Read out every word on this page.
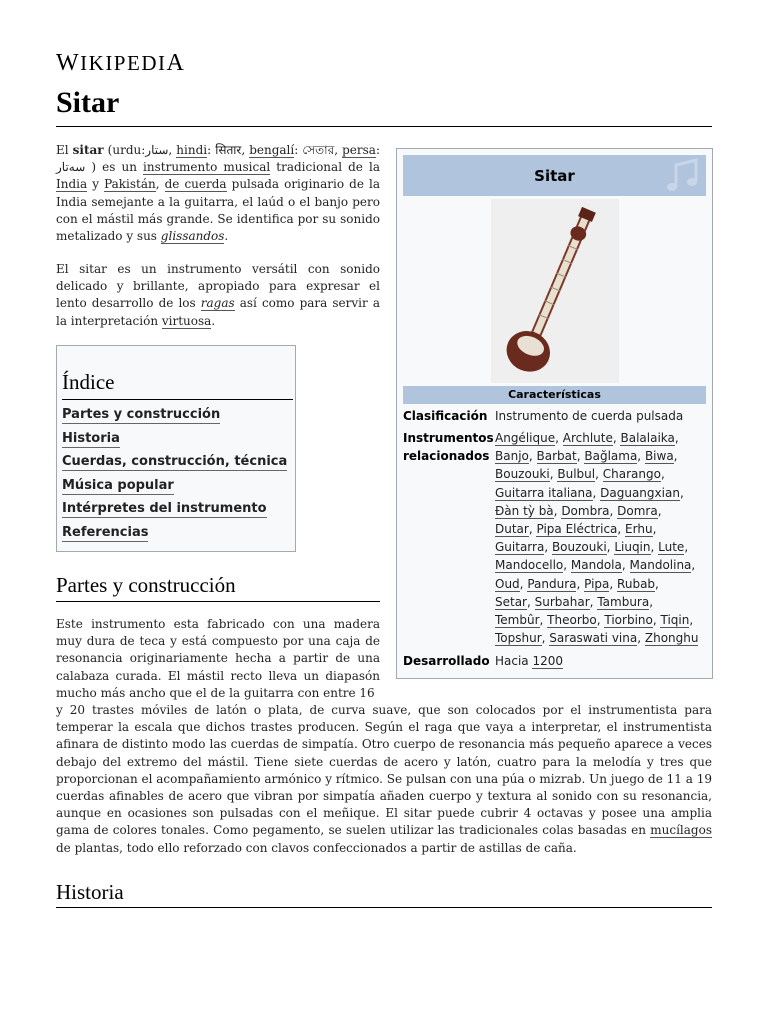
WIKIPEDIA
Sitar
El sitar (urdu:ستار, hindi: सितार, bengalí: সেতার, persa: سه‌تار ) es un instrumento musical tradicional de la India y Pakistán, de cuerda pulsada originario de la India semejante a la guitarra, el laúd o el banjo pero con el mástil más grande. Se identifica por su sonido metalizado y sus glissandos.
El sitar es un instrumento versátil con sonido delicado y brillante, apropiado para expresar el lento desarrollo de los ragas así como para servir a la interpretación virtuosa.
Índice
Partes y construcción
Historia
Cuerdas, construcción, técnica
Música popular
Intérpretes del instrumento
Referencias
Sitar
Características
Clasificación Instrumento de cuerda pulsada
Instrumentos
relacionados
Angélique, Archlute, Balalaika,
Banjo, Barbat, Bağlama, Biwa,
Bouzouki, Bulbul, Charango,
Guitarra italiana, Daguangxian,
Đàn tỳ bà, Dombra, Domra,
Dutar, Pipa Eléctrica, Erhu,
Guitarra, Bouzouki, Liuqin, Lute,
Mandocello, Mandola, Mandolina,
Oud, Pandura, Pipa, Rubab,
Setar, Surbahar, Tambura,
Tembûr, Theorbo, Tiorbino, Tiqin,
Topshur, Saraswati vina, Zhonghu
Desarrollado Hacia 1200
Partes y construcción
Este instrumento esta fabricado con una madera muy dura de teca y está compuesto por una caja de resonancia originariamente hecha a partir de una calabaza curada. El mástil recto lleva un diapasón mucho más ancho que el de la guitarra con entre 16
y 20 trastes móviles de latón o plata, de curva suave, que son colocados por el instrumentista para temperar la escala que dichos trastes producen. Según el raga que vaya a interpretar, el instrumentista afinara de distinto modo las cuerdas de simpatía. Otro cuerpo de resonancia más pequeño aparece a veces debajo del extremo del mástil. Tiene siete cuerdas de acero y latón, cuatro para la melodía y tres que proporcionan el acompañamiento armónico y rítmico. Se pulsan con una púa o mizrab. Un juego de 11 a 19 cuerdas afinables de acero que vibran por simpatía añaden cuerpo y textura al sonido con su resonancia, aunque en ocasiones son pulsadas con el meñique. El sitar puede cubrir 4 octavas y posee una amplia gama de colores tonales. Como pegamento, se suelen utilizar las tradicionales colas basadas en mucílagos de plantas, todo ello reforzado con clavos confeccionados a partir de astillas de caña.
Historia
